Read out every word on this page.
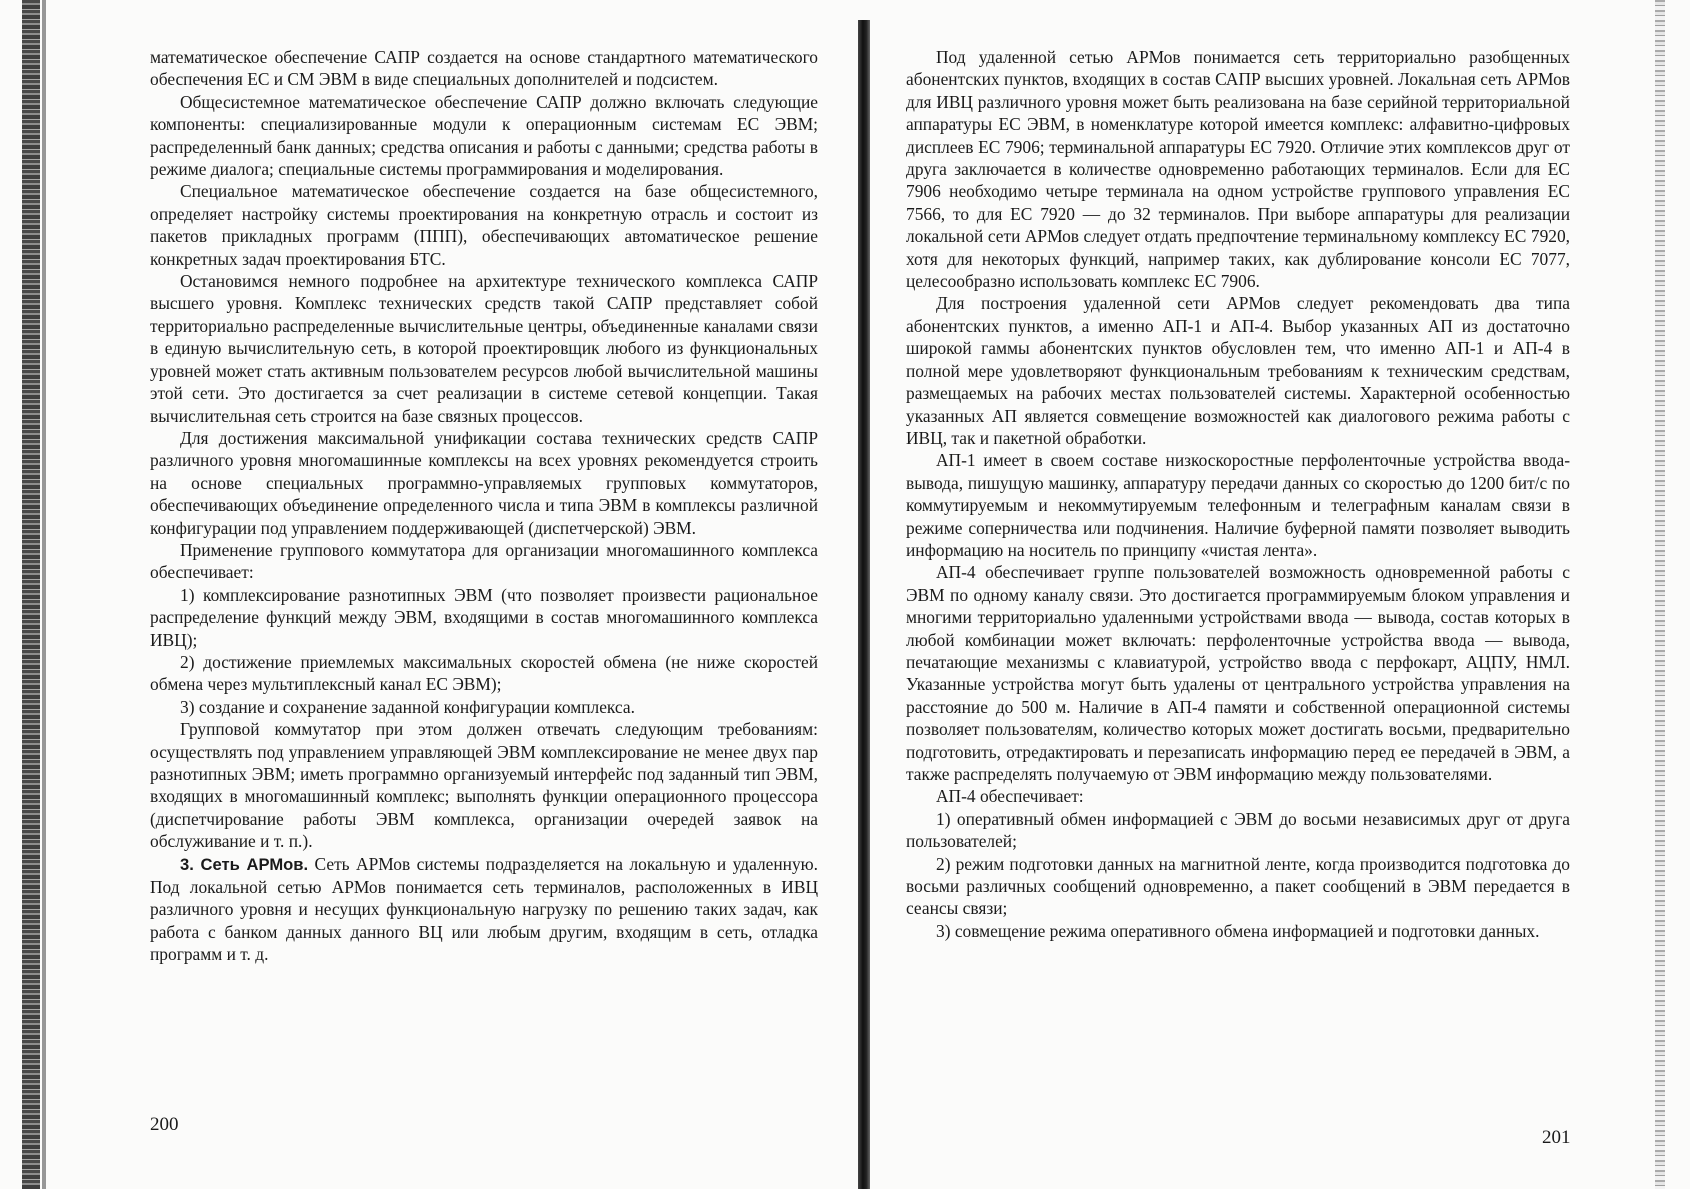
математическое обеспечение САПР создается на основе стандартного математического обеспечения ЕС и СМ ЭВМ в виде специальных дополнителей и подсистем.

Общесистемное математическое обеспечение САПР должно включать следующие компоненты: специализированные модули к операционным системам ЕС ЭВМ; распределенный банк данных; средства описания и работы с данными; средства работы в режиме диалога; специальные системы программирования и моделирования.

Специальное математическое обеспечение создается на базе общесистемного, определяет настройку системы проектирования на конкретную отрасль и состоит из пакетов прикладных программ (ППП), обеспечивающих автоматическое решение конкретных задач проектирования БТС.

Остановимся немного подробнее на архитектуре технического комплекса САПР высшего уровня. Комплекс технических средств такой САПР представляет собой территориально распределенные вычислительные центры, объединенные каналами связи в единую вычислительную сеть, в которой проектировщик любого из функциональных уровней может стать активным пользователем ресурсов любой вычислительной машины этой сети. Это достигается за счет реализации в системе сетевой концепции. Такая вычислительная сеть строится на базе связных процессов.

Для достижения максимальной унификации состава технических средств САПР различного уровня многомашинные комплексы на всех уровнях рекомендуется строить на основе специальных программно-управляемых групповых коммутаторов, обеспечивающих объединение определенного числа и типа ЭВМ в комплексы различной конфигурации под управлением поддерживающей (диспетчерской) ЭВМ.

Применение группового коммутатора для организации многомашинного комплекса обеспечивает:

1) комплексирование разнотипных ЭВМ (что позволяет произвести рациональное распределение функций между ЭВМ, входящими в состав многомашинного комплекса ИВЦ);

2) достижение приемлемых максимальных скоростей обмена (не ниже скоростей обмена через мультиплексный канал ЕС ЭВМ);

3) создание и сохранение заданной конфигурации комплекса.

Групповой коммутатор при этом должен отвечать следующим требованиям: осуществлять под управлением управляющей ЭВМ комплексирование не менее двух пар разнотипных ЭВМ; иметь программно организуемый интерфейс под заданный тип ЭВМ, входящих в многомашинный комплекс; выполнять функции операционного процессора (диспетчирование работы ЭВМ комплекса, организации очередей заявок на обслуживание и т. п.).

3. Сеть АРМов. Сеть АРМов системы подразделяется на локальную и удаленную. Под локальной сетью АРМов понимается сеть терминалов, расположенных в ИВЦ различного уровня и несущих функциональную нагрузку по решению таких задач, как работа с банком данных данного ВЦ или любым другим, входящим в сеть, отладка программ и т. д.

200

Под удаленной сетью АРМов понимается сеть территориально разобщенных абонентских пунктов, входящих в состав САПР высших уровней. Локальная сеть АРМов для ИВЦ различного уровня может быть реализована на базе серийной территориальной аппаратуры ЕС ЭВМ, в номенклатуре которой имеется комплекс: алфавитно-цифровых дисплеев ЕС 7906; терминальной аппаратуры ЕС 7920. Отличие этих комплексов друг от друга заключается в количестве одновременно работающих терминалов. Если для ЕС 7906 необходимо четыре терминала на одном устройстве группового управления ЕС 7566, то для ЕС 7920 — до 32 терминалов. При выборе аппаратуры для реализации локальной сети АРМов следует отдать предпочтение терминальному комплексу ЕС 7920, хотя для некоторых функций, например таких, как дублирование консоли ЕС 7077, целесообразно использовать комплекс ЕС 7906.

Для построения удаленной сети АРМов следует рекомендовать два типа абонентских пунктов, а именно АП-1 и АП-4. Выбор указанных АП из достаточно широкой гаммы абонентских пунктов обусловлен тем, что именно АП-1 и АП-4 в полной мере удовлетворяют функциональным требованиям к техническим средствам, размещаемых на рабочих местах пользователей системы. Характерной особенностью указанных АП является совмещение возможностей как диалогового режима работы с ИВЦ, так и пакетной обработки.

АП-1 имеет в своем составе низкоскоростные перфоленточные устройства ввода-вывода, пишущую машинку, аппаратуру передачи данных со скоростью до 1200 бит/с по коммутируемым и некоммутируемым телефонным и телеграфным каналам связи в режиме соперничества или подчинения. Наличие буферной памяти позволяет выводить информацию на носитель по принципу «чистая лента».

АП-4 обеспечивает группе пользователей возможность одновременной работы с ЭВМ по одному каналу связи. Это достигается программируемым блоком управления и многими территориально удаленными устройствами ввода — вывода, состав которых в любой комбинации может включать: перфоленточные устройства ввода — вывода, печатающие механизмы с клавиатурой, устройство ввода с перфокарт, АЦПУ, НМЛ. Указанные устройства могут быть удалены от центрального устройства управления на расстояние до 500 м. Наличие в АП-4 памяти и собственной операционной системы позволяет пользователям, количество которых может достигать восьми, предварительно подготовить, отредактировать и перезаписать информацию перед ее передачей в ЭВМ, а также распределять получаемую от ЭВМ информацию между пользователями.

АП-4 обеспечивает:

1) оперативный обмен информацией с ЭВМ до восьми независимых друг от друга пользователей;

2) режим подготовки данных на магнитной ленте, когда производится подготовка до восьми различных сообщений одновременно, а пакет сообщений в ЭВМ передается в сеансы связи;

3) совмещение режима оперативного обмена информацией и подготовки данных.

201
